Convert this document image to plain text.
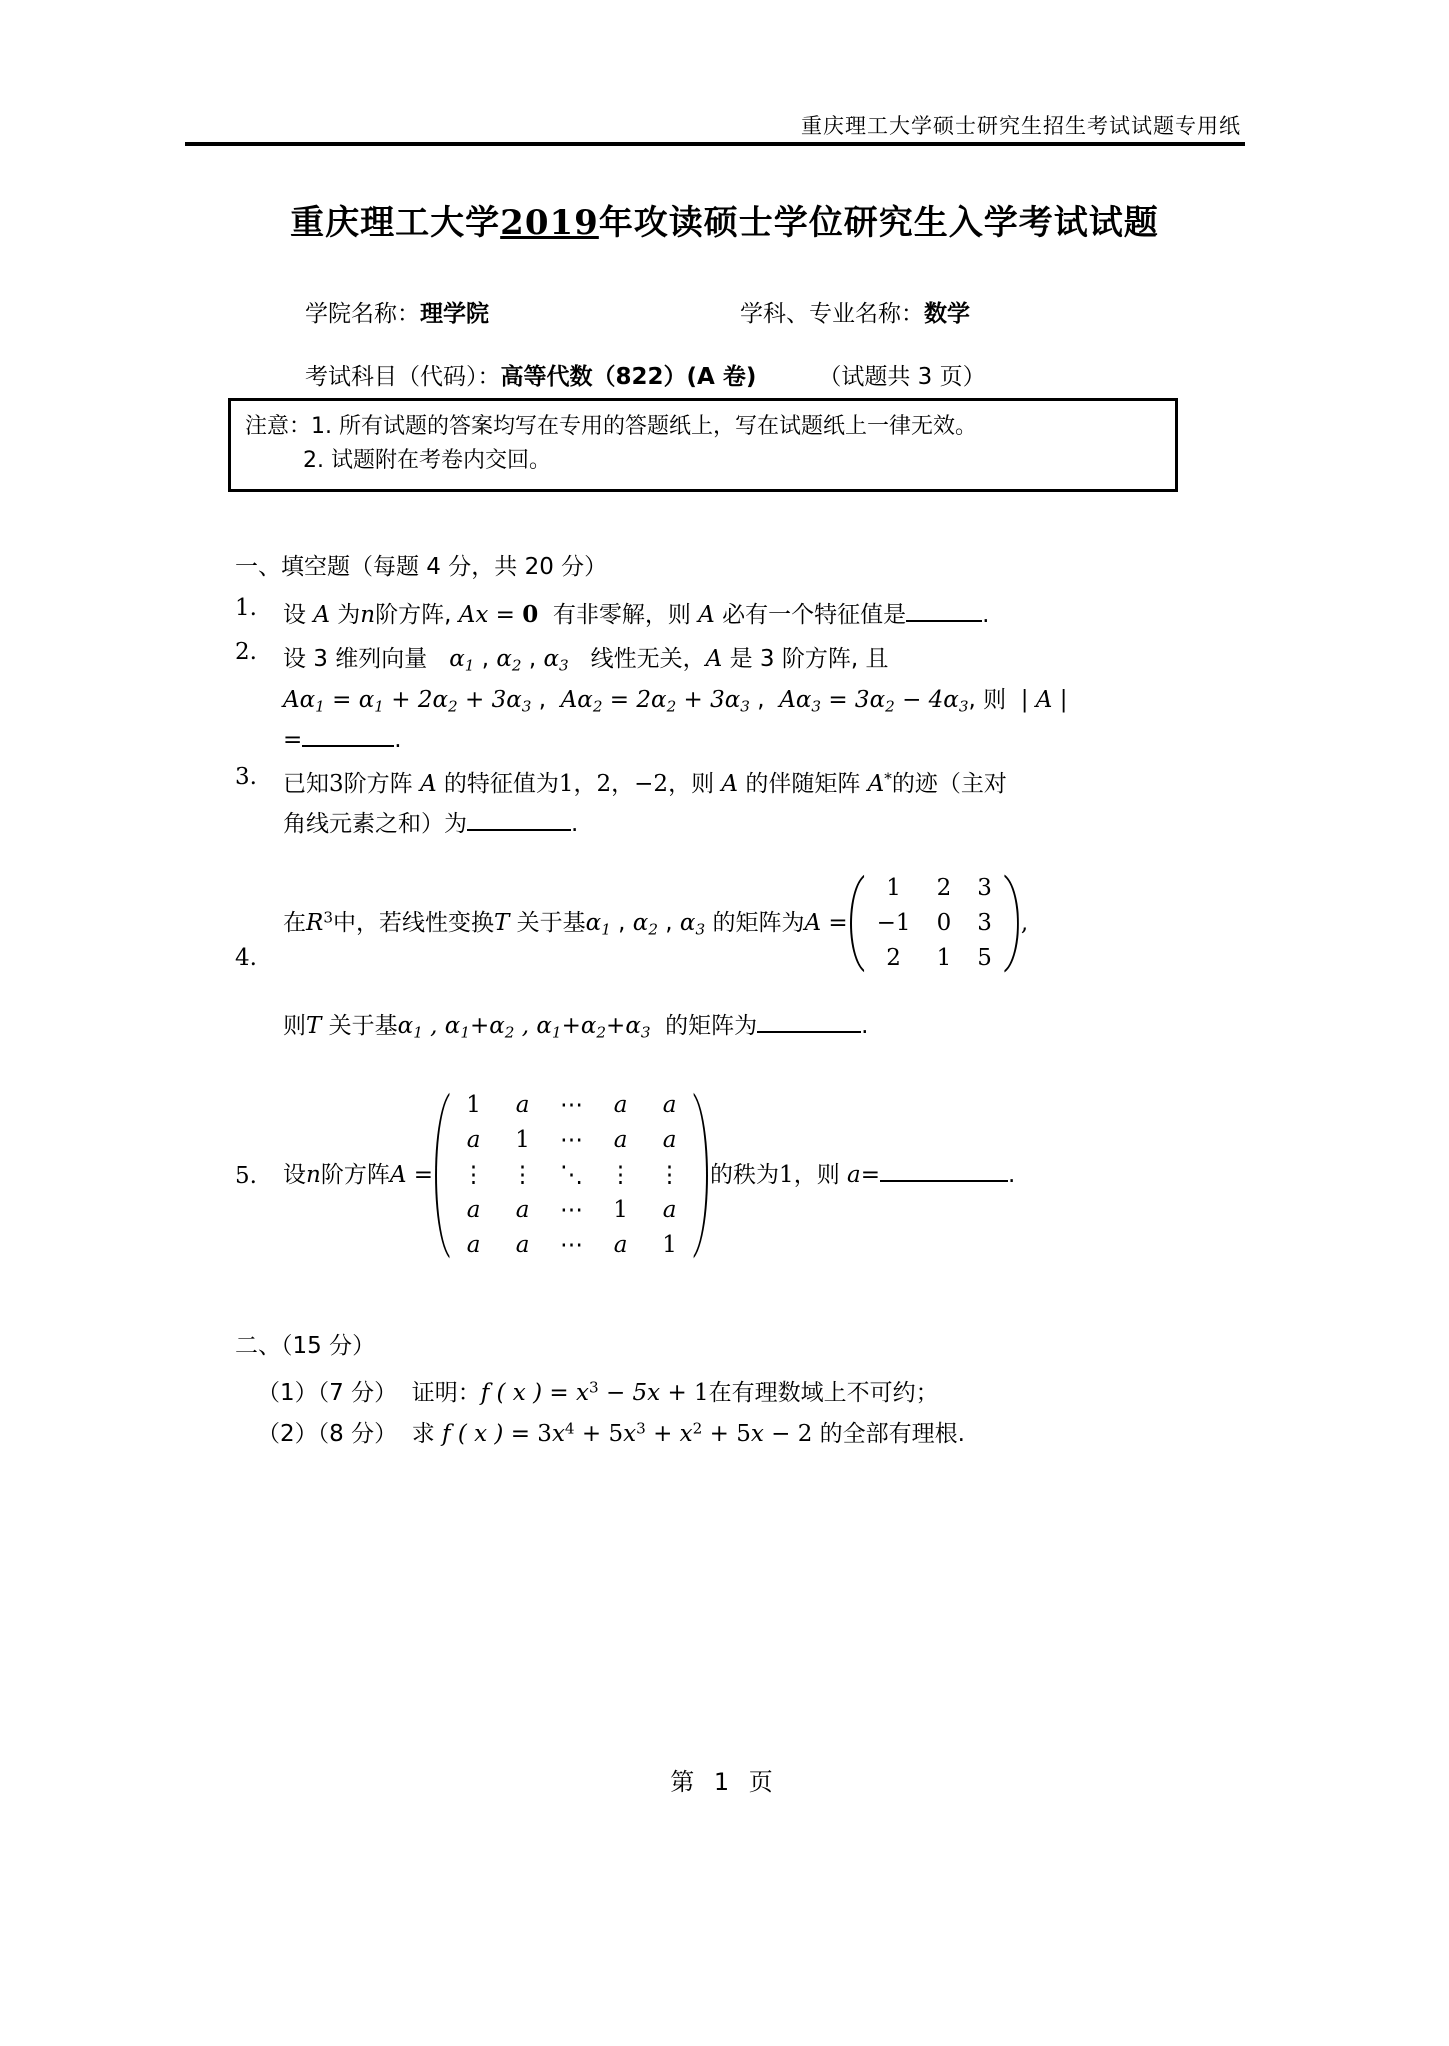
重庆理工大学硕士研究生招生考试试题专用纸
重庆理工大学2019年攻读硕士学位研究生入学考试试题
学院名称：理学院	学科、专业名称：数学
考试科目（代码）：高等代数（822）(A 卷)	（试题共 3 页）
注意：1. 所有试题的答案均写在专用的答题纸上，写在试题纸上一律无效。
2. 试题附在考卷内交回。
一、填空题（每题 4 分，共 20 分）
1.	设 A 为n阶方阵, Ax = 0 有非零解，则 A 必有一个特征值是	.
2.	设 3 维列向量 $\alpha_1$ , $\alpha_2$ , $\alpha_3$ 线性无关，A 是 3 阶方阵, 且
$A\alpha_1 = \alpha_1 + 2\alpha_2 + 3\alpha_3$ ,  $A\alpha_2 = 2\alpha_2 + 3\alpha_3$ ,  $A\alpha_3 = 3\alpha_2 - 4\alpha_3$, 则 | A |
=	.
3.	已知3阶方阵 A 的特征值为1，2，−2，则 A 的伴随矩阵 A*的迹（主对
角线元素之和）为	.
4.
在$R^3$中，若线性变换T 关于基$\alpha_1$ , $\alpha_2$ , $\alpha_3$ 的矩阵为A =
1	2	3
−1	0	3
2	1	5
,
则T 关于基$\alpha_1$ , $\alpha_1+\alpha_2$ , $\alpha_1+\alpha_2+\alpha_3$ 的矩阵为	.
5.	设n阶方阵A =
1	a	⋯	a	a
a	1	⋯	a	a
⋮	⋮	⋱	⋮	⋮
a	a	⋯	1	a
a	a	⋯	a	1
的秩为1，则 a=	.
二、（15 分）
（1）（7 分） 证明：f ( x ) = $x^3 - 5x + 1$在有理数域上不可约；
（2）（8 分） 求 f ( x ) = $3x^4 + 5x^3 + x^2 + 5x - 2$ 的全部有理根.
第 1 页
